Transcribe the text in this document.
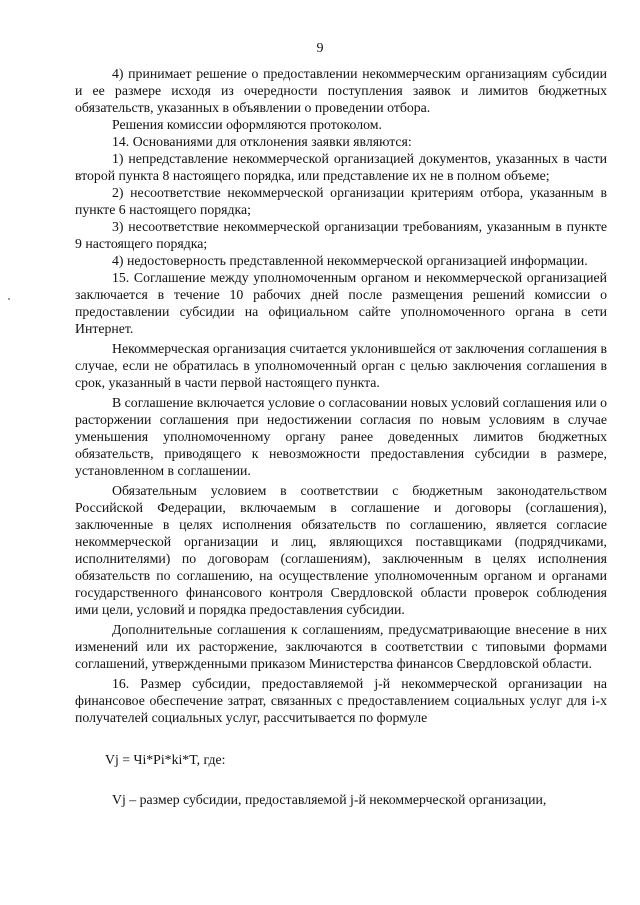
9

4) принимает решение о предоставлении некоммерческим организациям субсидии и ее размере исходя из очередности поступления заявок и лимитов бюджетных обязательств, указанных в объявлении о проведении отбора.

Решения комиссии оформляются протоколом.

14. Основаниями для отклонения заявки являются:

1) непредставление некоммерческой организацией документов, указанных в части второй пункта 8 настоящего порядка, или представление их не в полном объеме;

2) несоответствие некоммерческой организации критериям отбора, указанным в пункте 6 настоящего порядка;

3) несоответствие некоммерческой организации требованиям, указанным в пункте 9 настоящего порядка;

4) недостоверность представленной некоммерческой организацией информации.

15. Соглашение между уполномоченным органом и некоммерческой организацией заключается в течение 10 рабочих дней после размещения решений комиссии о предоставлении субсидии на официальном сайте уполномоченного органа в сети Интернет.

Некоммерческая организация считается уклонившейся от заключения соглашения в случае, если не обратилась в уполномоченный орган с целью заключения соглашения в срок, указанный в части первой настоящего пункта.

В соглашение включается условие о согласовании новых условий соглашения или о расторжении соглашения при недостижении согласия по новым условиям в случае уменьшения уполномоченному органу ранее доведенных лимитов бюджетных обязательств, приводящего к невозможности предоставления субсидии в размере, установленном в соглашении.

Обязательным условием в соответствии с бюджетным законодательством Российской Федерации, включаемым в соглашение и договоры (соглашения), заключенные в целях исполнения обязательств по соглашению, является согласие некоммерческой организации и лиц, являющихся поставщиками (подрядчиками, исполнителями) по договорам (соглашениям), заключенным в целях исполнения обязательств по соглашению, на осуществление уполномоченным органом и органами государственного финансового контроля Свердловской области проверок соблюдения ими цели, условий и порядка предоставления субсидии.

Дополнительные соглашения к соглашениям, предусматривающие внесение в них изменений или их расторжение, заключаются в соответствии с типовыми формами соглашений, утвержденными приказом Министерства финансов Свердловской области.

16. Размер субсидии, предоставляемой j-й некоммерческой организации на финансовое обеспечение затрат, связанных с предоставлением социальных услуг для i-х получателей социальных услуг, рассчитывается по формуле

Vj = Чi*Pi*ki*T, где:

Vj – размер субсидии, предоставляемой j-й некоммерческой организации,
